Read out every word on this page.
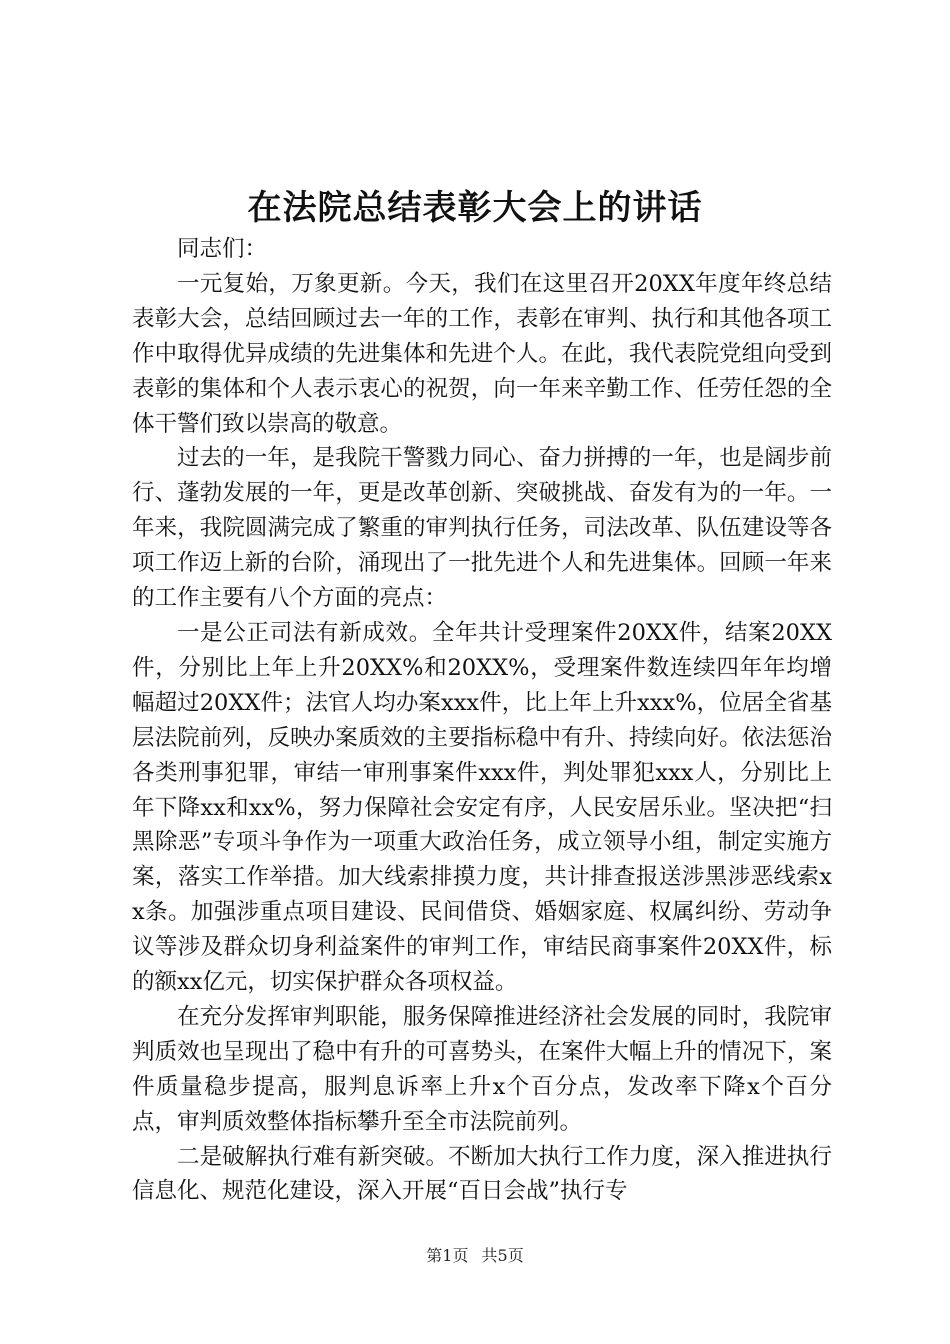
在法院总结表彰大会上的讲话

同志们：

一元复始，万象更新。今天，我们在这里召开20XX年度年终总结表彰大会，总结回顾过去一年的工作，表彰在审判、执行和其他各项工作中取得优异成绩的先进集体和先进个人。在此，我代表院党组向受到表彰的集体和个人表示衷心的祝贺，向一年来辛勤工作、任劳任怨的全体干警们致以崇高的敬意。

过去的一年，是我院干警戮力同心、奋力拼搏的一年，也是阔步前行、蓬勃发展的一年，更是改革创新、突破挑战、奋发有为的一年。一年来，我院圆满完成了繁重的审判执行任务，司法改革、队伍建设等各项工作迈上新的台阶，涌现出了一批先进个人和先进集体。回顾一年来的工作主要有八个方面的亮点：

一是公正司法有新成效。全年共计受理案件20XX件，结案20XX件，分别比上年上升20XX%和20XX%，受理案件数连续四年年均增幅超过20XX件；法官人均办案xxx件，比上年上升xxx%，位居全省基层法院前列，反映办案质效的主要指标稳中有升、持续向好。依法惩治各类刑事犯罪，审结一审刑事案件xxx件，判处罪犯xxx人，分别比上年下降xx和xx%，努力保障社会安定有序，人民安居乐业。坚决把“扫黑除恶”专项斗争作为一项重大政治任务，成立领导小组，制定实施方案，落实工作举措。加大线索排摸力度，共计排查报送涉黑涉恶线索xx条。加强涉重点项目建设、民间借贷、婚姻家庭、权属纠纷、劳动争议等涉及群众切身利益案件的审判工作，审结民商事案件20XX件，标的额xx亿元，切实保护群众各项权益。

在充分发挥审判职能，服务保障推进经济社会发展的同时，我院审判质效也呈现出了稳中有升的可喜势头，在案件大幅上升的情况下，案件质量稳步提高，服判息诉率上升x个百分点，发改率下降x个百分点，审判质效整体指标攀升至全市法院前列。

二是破解执行难有新突破。不断加大执行工作力度，深入推进执行信息化、规范化建设，深入开展“百日会战”执行专

第1页 共5页
